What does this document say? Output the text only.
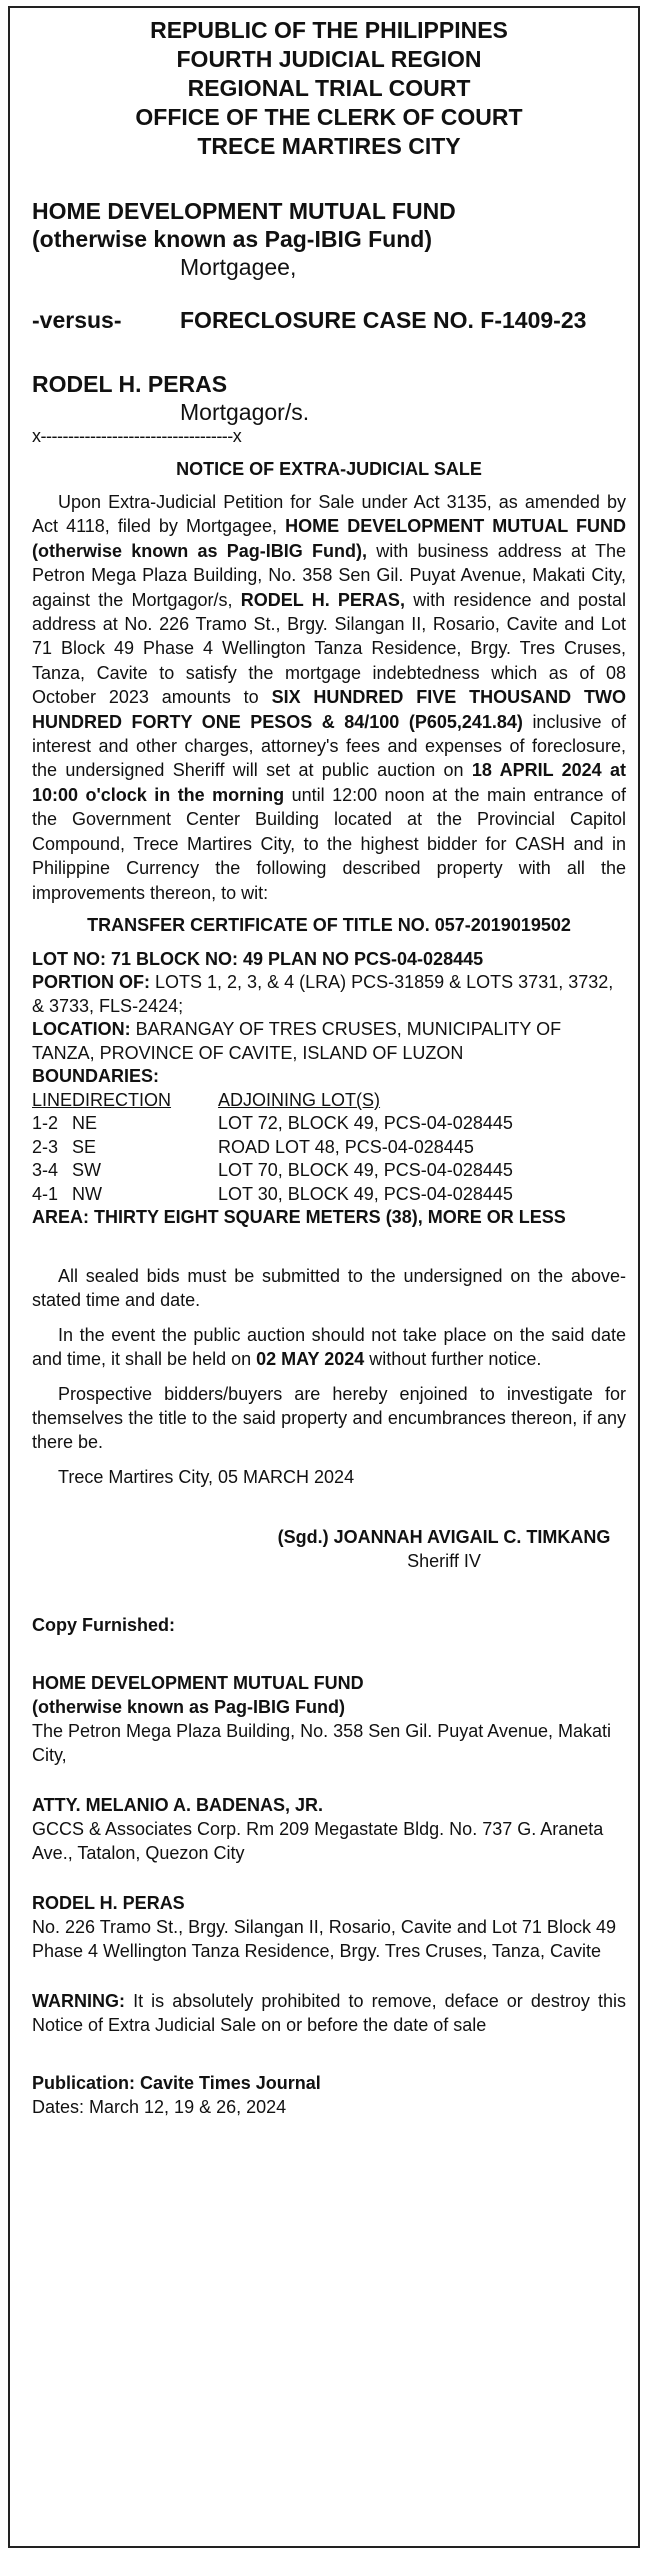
REPUBLIC OF THE PHILIPPINES
FOURTH JUDICIAL REGION
REGIONAL TRIAL COURT
OFFICE OF THE CLERK OF COURT
TRECE MARTIRES CITY
HOME DEVELOPMENT MUTUAL FUND
(otherwise known as Pag-IBIG Fund)
Mortgagee,
-versus-	FORECLOSURE CASE NO. F-1409-23
RODEL H. PERAS
Mortgagor/s.
x-----------------------------------x
NOTICE OF EXTRA-JUDICIAL SALE
Upon Extra-Judicial Petition for Sale under Act 3135, as amended by Act 4118, filed by Mortgagee, HOME DEVELOPMENT MUTUAL FUND (otherwise known as Pag-IBIG Fund), with business address at The Petron Mega Plaza Building, No. 358 Sen Gil. Puyat Avenue, Makati City, against the Mortgagor/s, RODEL H. PERAS, with residence and postal address at No. 226 Tramo St., Brgy. Silangan II, Rosario, Cavite and Lot 71 Block 49 Phase 4 Wellington Tanza Residence, Brgy. Tres Cruses, Tanza, Cavite to satisfy the mortgage indebtedness which as of 08 October 2023 amounts to SIX HUNDRED FIVE THOUSAND TWO HUNDRED FORTY ONE PESOS & 84/100 (P605,241.84) inclusive of interest and other charges, attorney's fees and expenses of foreclosure, the undersigned Sheriff will set at public auction on 18 APRIL 2024 at 10:00 o'clock in the morning until 12:00 noon at the main entrance of the Government Center Building located at the Provincial Capitol Compound, Trece Martires City, to the highest bidder for CASH and in Philippine Currency the following described property with all the improvements thereon, to wit:
TRANSFER CERTIFICATE OF TITLE NO. 057-2019019502
LOT NO: 71 BLOCK NO: 49 PLAN NO PCS-04-028445
PORTION OF: LOTS 1, 2, 3, & 4 (LRA) PCS-31859 & LOTS 3731, 3732, & 3733, FLS-2424;
LOCATION: BARANGAY OF TRES CRUSES, MUNICIPALITY OF TANZA, PROVINCE OF CAVITE, ISLAND OF LUZON
BOUNDARIES:
LINE	DIRECTION	ADJOINING LOT(S)
1-2	NE	LOT 72, BLOCK 49, PCS-04-028445
2-3	SE	ROAD LOT 48, PCS-04-028445
3-4	SW	LOT 70, BLOCK 49, PCS-04-028445
4-1	NW	LOT 30, BLOCK 49, PCS-04-028445
AREA: THIRTY EIGHT SQUARE METERS (38), MORE OR LESS
All sealed bids must be submitted to the undersigned on the above-stated time and date.
In the event the public auction should not take place on the said date and time, it shall be held on 02 MAY 2024 without further notice.
Prospective bidders/buyers are hereby enjoined to investigate for themselves the title to the said property and encumbrances thereon, if any there be.
Trece Martires City, 05 MARCH 2024
(Sgd.) JOANNAH AVIGAIL C. TIMKANG
Sheriff IV
Copy Furnished:
HOME DEVELOPMENT MUTUAL FUND
(otherwise known as Pag-IBIG Fund)
The Petron Mega Plaza Building, No. 358 Sen Gil. Puyat Avenue, Makati City,
ATTY. MELANIO A. BADENAS, JR.
GCCS & Associates Corp. Rm 209 Megastate Bldg. No. 737 G. Araneta Ave., Tatalon, Quezon City
RODEL H. PERAS
No. 226 Tramo St., Brgy. Silangan II, Rosario, Cavite and Lot 71 Block 49 Phase 4 Wellington Tanza Residence, Brgy. Tres Cruses, Tanza, Cavite
WARNING: It is absolutely prohibited to remove, deface or destroy this Notice of Extra Judicial Sale on or before the date of sale
Publication: Cavite Times Journal
Dates: March 12, 19 & 26, 2024
